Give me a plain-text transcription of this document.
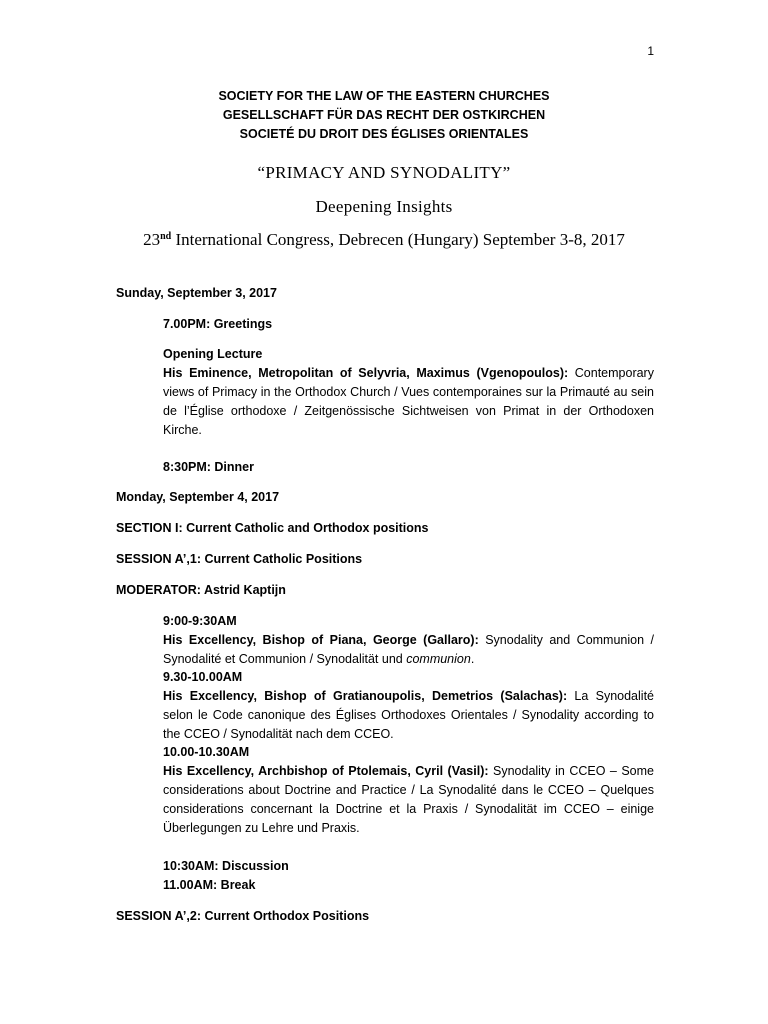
1
SOCIETY FOR THE LAW OF THE EASTERN CHURCHES
GESELLSCHAFT FÜR DAS RECHT DER OSTKIRCHEN
SOCIETÉ DU DROIT DES ÉGLISES ORIENTALES
“PRIMACY AND SYNODALITY”
Deepening Insights
23nd International Congress, Debrecen (Hungary) September 3-8, 2017
Sunday, September 3, 2017
7.00PM: Greetings
Opening Lecture
His Eminence, Metropolitan of Selyvria, Maximus (Vgenopoulos): Contemporary views of Primacy in the Orthodox Church / Vues contemporaines sur la Primauté au sein de l’Église orthodoxe / Zeitgenössische Sichtweisen von Primat in der Orthodoxen Kirche.
8:30PM: Dinner
Monday, September 4, 2017
SECTION I: Current Catholic and Orthodox positions
SESSION A’,1: Current Catholic Positions
MODERATOR: Astrid Kaptijn
9:00-9:30AM
His Excellency, Bishop of Piana, George (Gallaro): Synodality and Communion / Synodalité et Communion / Synodalität und communion.
9.30-10.00AM
His Excellency, Bishop of Gratianoupolis, Demetrios (Salachas): La Synodalité selon le Code canonique des Églises Orthodoxes Orientales / Synodality according to the CCEO / Synodalität nach dem CCEO.
10.00-10.30AM
His Excellency, Archbishop of Ptolemais, Cyril (Vasil): Synodality in CCEO – Some considerations about Doctrine and Practice / La Synodalité dans le CCEO – Quelques considerations concernant la Doctrine et la Praxis / Synodalität im CCEO – einige Überlegungen zu Lehre und Praxis.
10:30AM: Discussion
11.00AM: Break
SESSION A’,2: Current Orthodox Positions
